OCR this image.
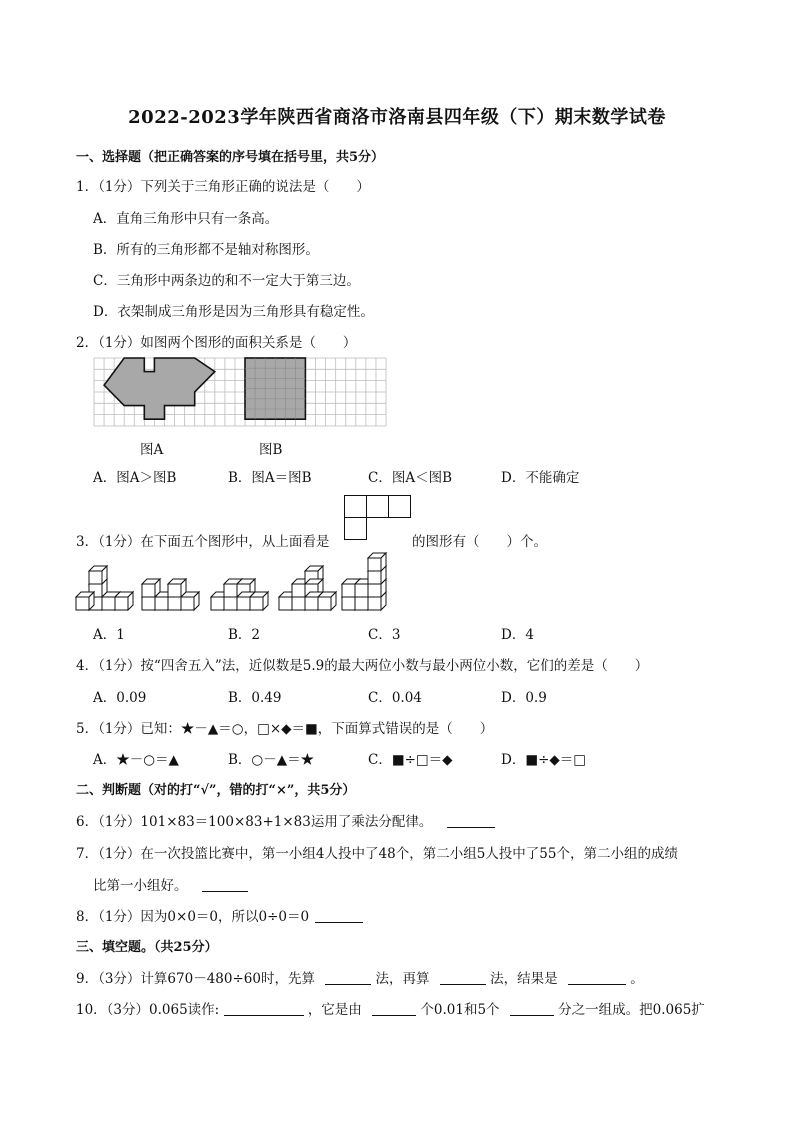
2022-2023学年陕西省商洛市洛南县四年级（下）期末数学试卷
一、选择题（把正确答案的序号填在括号里，共5分）
1．（1分）下列关于三角形正确的说法是（　　）
A．直角三角形中只有一条高。
B．所有的三角形都不是轴对称图形。
C．三角形中两条边的和不一定大于第三边。
D．衣架制成三角形是因为三角形具有稳定性。
2．（1分）如图两个图形的面积关系是（　　）
图A	图B
A．图A＞图B	B．图A＝图B	C．图A＜图B	D．不能确定
3．（1分）在下面五个图形中，从上面看是	的图形有（　　）个。
A．1	B．2	C．3	D．4
4．（1分）按“四舍五入”法，近似数是5.9的最大两位小数与最小两位小数，它们的差是（　　）
A．0.09	B．0.49	C．0.04	D．0.9
5．（1分）已知：★－▲＝○，□×◆＝■，下面算式错误的是（　　）
A．★－○＝▲	B．○－▲＝★	C．■÷□＝◆	D．■÷◆＝□
二、判断题（对的打“√”，错的打“×”，共5分）
6．（1分）101×83＝100×83+1×83运用了乘法分配律。
7．（1分）在一次投篮比赛中，第一小组4人投中了48个，第二小组5人投中了55个，第二小组的成绩
比第一小组好。
8．（1分）因为0×0＝0，所以0÷0＝0
三、填空题。（共25分）
9．（3分）计算670－480÷60时，先算	法，再算	法，结果是	。
10．（3分）0.065读作:	，它是由	个0.01和5个	分之一组成。把0.065扩
